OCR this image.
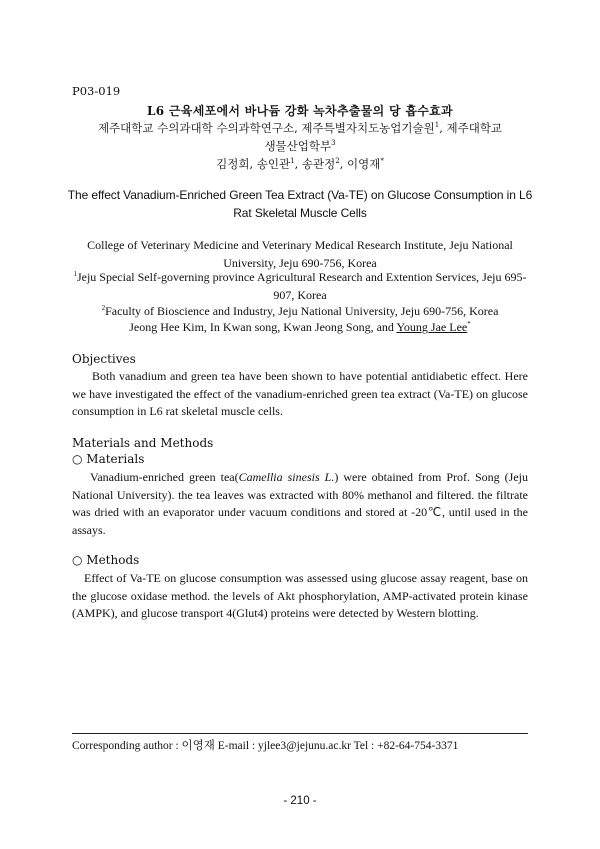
P03-019
L6 근육세포에서 바나듐 강화 녹차추출물의 당 흡수효과
제주대학교 수의과대학 수의과학연구소, 제주특별자치도농업기술원$^1$, 제주대학교
생물산업학부$^3$
김정희, 송인관$^1$, 송관정$^2$, 이영재*
The effect Vanadium-Enriched Green Tea Extract (Va-TE) on Glucose Consumption in L6
Rat Skeletal Muscle Cells
College of Veterinary Medicine and Veterinary Medical Research Institute, Jeju National University, Jeju 690-756, Korea
$^1$Jeju Special Self-governing province Agricultural Research and Extention Services, Jeju 695-907, Korea
$^2$Faculty of Bioscience and Industry, Jeju National University, Jeju 690-756, Korea
Jeong Hee Kim, In Kwan song, Kwan Jeong Song, and Young Jae Lee*
Objectives
Both vanadium and green tea have been shown to have potential antidiabetic effect. Here we have investigated the effect of the vanadium-enriched green tea extract (Va-TE) on glucose consumption in L6 rat skeletal muscle cells.
Materials and Methods
○ Materials
Vanadium-enriched green tea(Camellia sinesis L.) were obtained from Prof. Song (Jeju National University). the tea leaves was extracted with 80% methanol and filtered. the filtrate was dried with an evaporator under vacuum conditions and stored at -20℃, until used in the assays.
○ Methods
Effect of Va-TE on glucose consumption was assessed using glucose assay reagent, base on the glucose oxidase method. the levels of Akt phosphorylation, AMP-activated protein kinase (AMPK), and glucose transport 4(Glut4) proteins were detected by Western blotting.
Corresponding author : 이영재 E-mail : yjlee3@jejunu.ac.kr Tel : +82-64-754-3371
- 210 -
